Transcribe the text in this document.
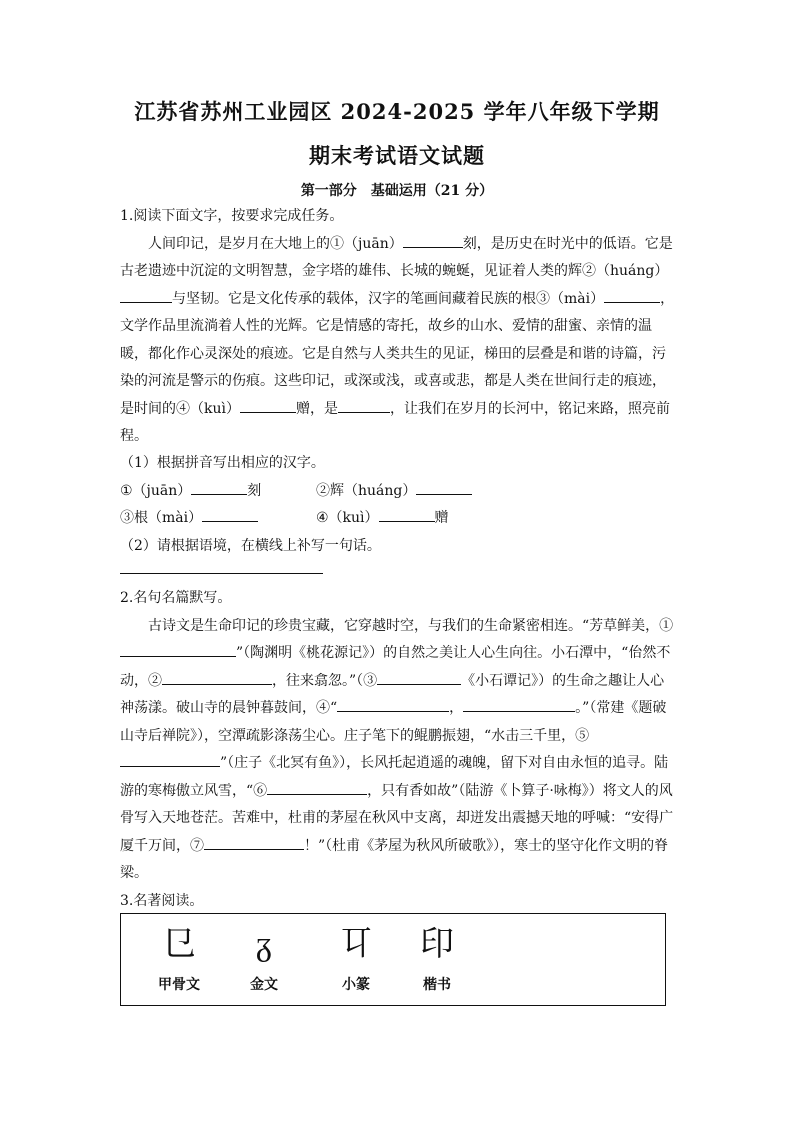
江苏省苏州工业园区 2024-2025 学年八年级下学期
期末考试语文试题
第一部分　基础运用（21 分）

1.阅读下面文字，按要求完成任务。

人间印记，是岁月在大地上的①（juān）	刻，是历史在时光中的低语。它是古老遗迹中沉淀的文明智慧，金字塔的雄伟、长城的蜿蜒，见证着人类的辉②（huáng）
与坚韧。它是文化传承的载体，汉字的笔画间藏着民族的根③（mài）	，文学作品里流淌着人性的光辉。它是情感的寄托，故乡的山水、爱情的甜蜜、亲情的温暖，都化作心灵深处的痕迹。它是自然与人类共生的见证，梯田的层叠是和谐的诗篇，污染的河流是警示的伤痕。这些印记，或深或浅，或喜或悲，都是人类在世间行走的痕迹，是时间的④（kuì）	赠，是	，让我们在岁月的长河中，铭记来路，照亮前程。

（1）根据拼音写出相应的汉字。

①（juān）	刻	②辉（huáng）
③根（mài）	④（kuì）	赠

（2）请根据语境，在横线上补写一句话。

2.名句名篇默写。

古诗文是生命印记的珍贵宝藏，它穿越时空，与我们的生命紧密相连。“芳草鲜美，①”（陶渊明《桃花源记》）的自然之美让人心生向往。小石潭中，“佁然不动，②	，往来翕忽。”（③	《小石谭记》）的生命之趣让人心神荡漾。破山寺的晨钟暮鼓间，④“	，	。”（常建《题破山寺后禅院》），空潭疏影涤荡尘心。庄子笔下的鲲鹏振翅，“水击三千里，⑤”（庄子《北冥有鱼》），长风托起逍遥的魂魄，留下对自由永恒的追寻。陆游的寒梅傲立风雪，“⑥	，只有香如故”（陆游《卜算子·咏梅》）将文人的风骨写入天地苍茫。苦难中，杜甫的茅屋在秋风中支离，却迸发出震撼天地的呼喊：“安得广厦千万间，⑦	！”（杜甫《茅屋为秋风所破歌》），寒士的坚守化作文明的脊梁。

3.名著阅读。

㔾
甲骨文
ᵹ
金文
㔿
小篆
印
楷书
